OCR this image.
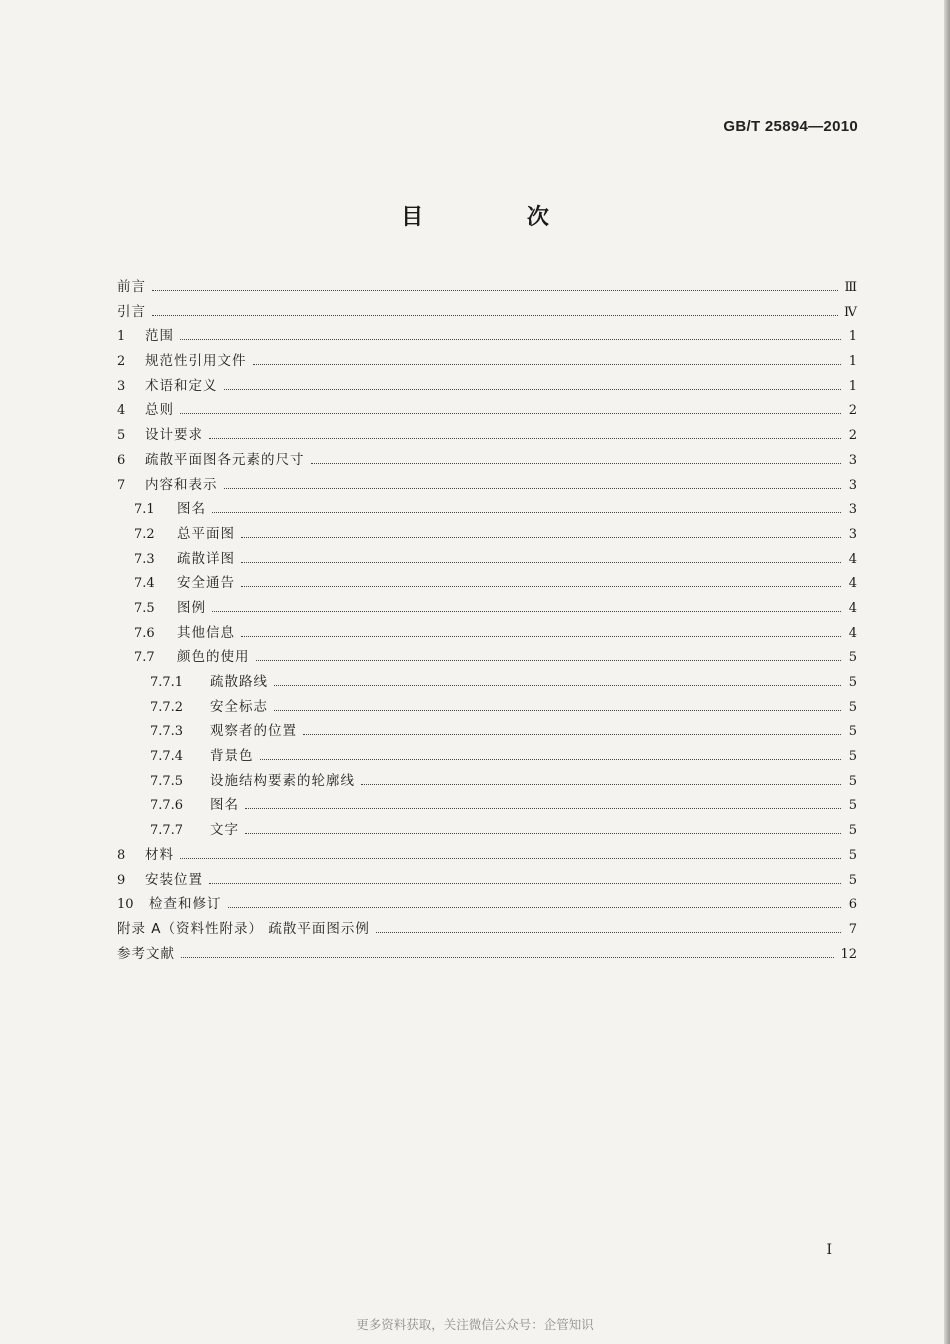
GB/T 25894—2010
目 次
前言	Ⅲ
引言	Ⅳ
1	范围	1
2	规范性引用文件	1
3	术语和定义	1
4	总则	2
5	设计要求	2
6	疏散平面图各元素的尺寸	3
7	内容和表示	3
7.1	图名	3
7.2	总平面图	3
7.3	疏散详图	4
7.4	安全通告	4
7.5	图例	4
7.6	其他信息	4
7.7	颜色的使用	5
7.7.1	疏散路线	5
7.7.2	安全标志	5
7.7.3	观察者的位置	5
7.7.4	背景色	5
7.7.5	设施结构要素的轮廓线	5
7.7.6	图名	5
7.7.7	文字	5
8	材料	5
9	安装位置	5
10	检查和修订	6
附录 A（资料性附录） 疏散平面图示例	7
参考文献	12
I
更多资料获取，关注微信公众号：企管知识
